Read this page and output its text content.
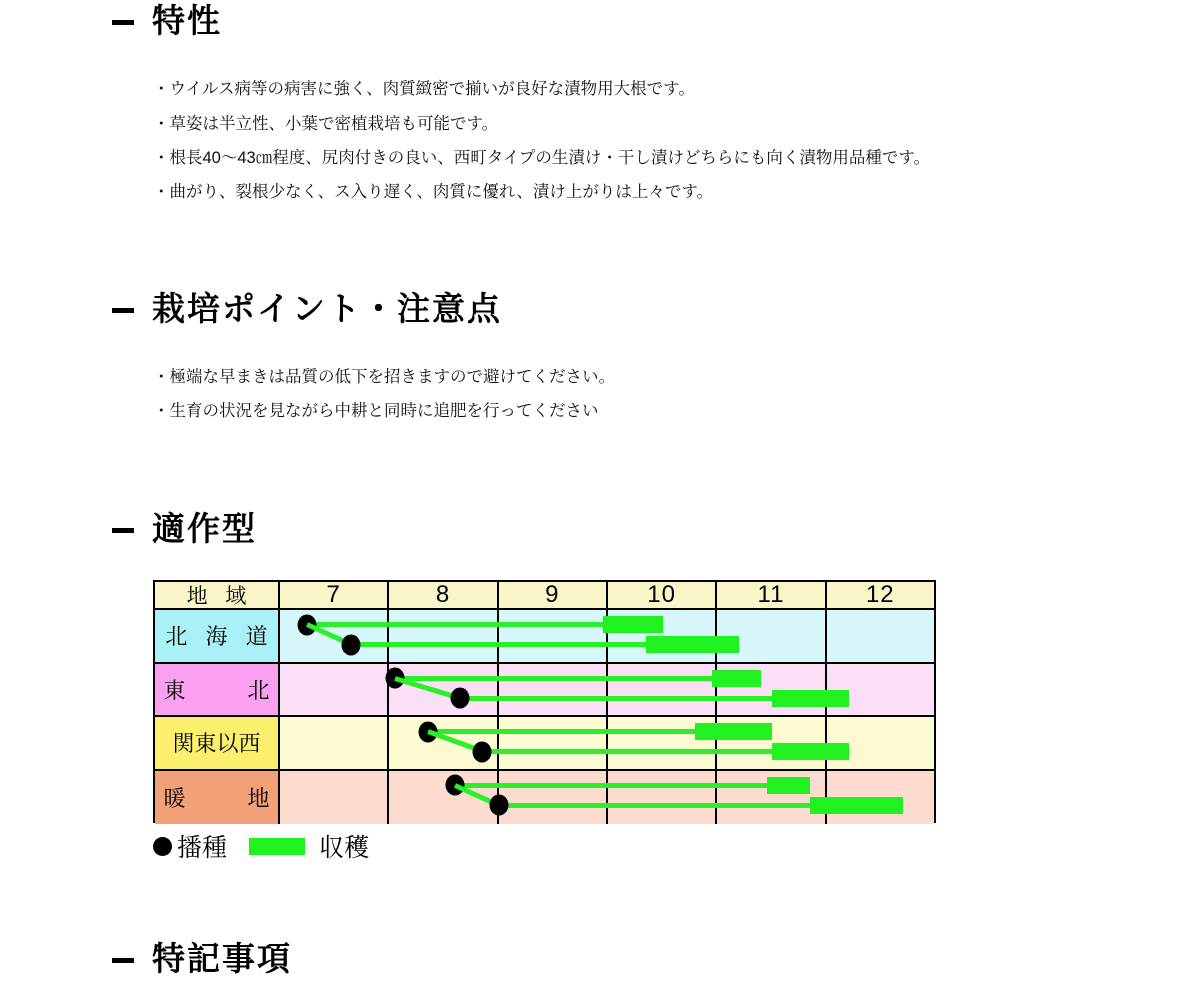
特性
・ウイルス病等の病害に強く、肉質緻密で揃いが良好な漬物用大根です。
・草姿は半立性、小葉で密植栽培も可能です。
・根長40〜43㎝程度、尻肉付きの良い、西町タイプの生漬け・干し漬けどちらにも向く漬物用品種です。
・曲がり、裂根少なく、ス入り遅く、肉質に優れ、漬け上がりは上々です。
栽培ポイント・注意点
・極端な早まきは品質の低下を招きますので避けてください。
・生育の状況を見ながら中耕と同時に追肥を行ってください
適作型
地 域	7	8	9	10	11	12
北 海 道
東　　北
関東以西
暖　　地
播種	収穫
特記事項
